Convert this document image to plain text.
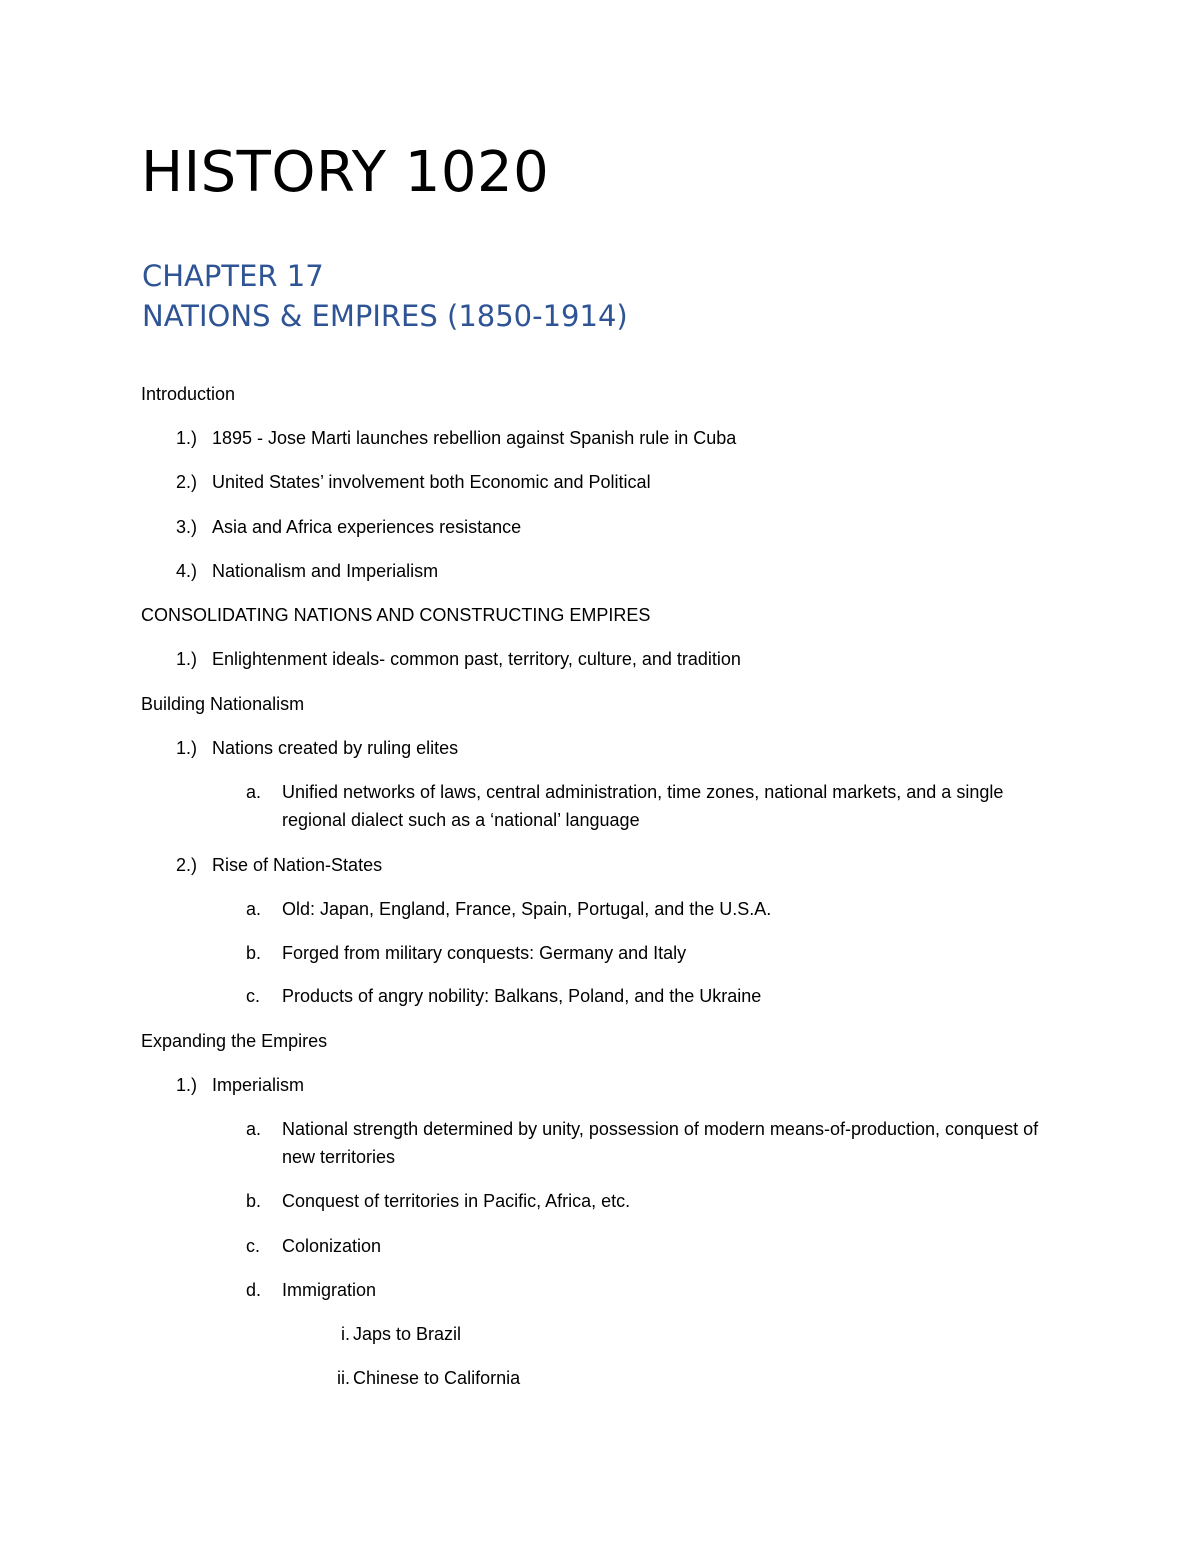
HISTORY 1020
CHAPTER 17
NATIONS & EMPIRES (1850-1914)
Introduction
1.) 1895 - Jose Marti launches rebellion against Spanish rule in Cuba
2.) United States’ involvement both Economic and Political
3.) Asia and Africa experiences resistance
4.) Nationalism and Imperialism
CONSOLIDATING NATIONS AND CONSTRUCTING EMPIRES
1.) Enlightenment ideals- common past, territory, culture, and tradition
Building Nationalism
1.) Nations created by ruling elites
a.	Unified networks of laws, central administration, time zones, national markets, and a single regional dialect such as a ‘national’ language
2.) Rise of Nation-States
a.	Old: Japan, England, France, Spain, Portugal, and the U.S.A.
b.	Forged from military conquests: Germany and Italy
c.	Products of angry nobility: Balkans, Poland, and the Ukraine
Expanding the Empires
1.) Imperialism
a.	National strength determined by unity, possession of modern means-of-production, conquest of new territories
b.	Conquest of territories in Pacific, Africa, etc.
c.	Colonization
d.	Immigration
i. Japs to Brazil
ii. Chinese to California
